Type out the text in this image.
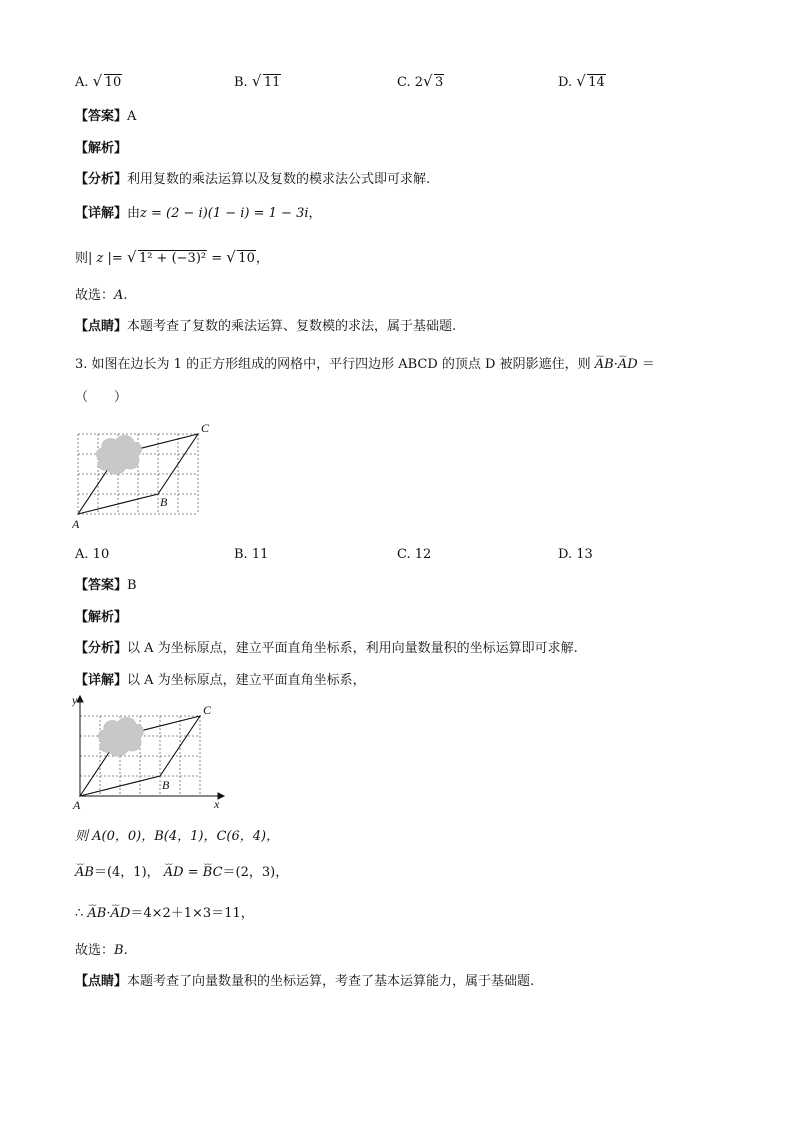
A. √ 10	B. √ 11	C. 2 √ 3	D. √ 14
【答案】A
【解析】
【分析】利用复数的乘法运算以及复数的模求法公式即可求解.
【详解】由z = (2 − i)(1 − i) = 1 − 3i，
则| z |= √ 1² + (−3)² = √ 10，
故选：A.
【点睛】本题考查了复数的乘法运算、复数模的求法，属于基础题.
3. 如图在边长为 1 的正方形组成的网格中，平行四边形 ABCD 的顶点 D 被阴影遮住，则 ⌣⌣ AB·⌣⌣ AD ＝
（　　）
A
B
C
A. 10	B. 11	C. 12	D. 13
【答案】B
【解析】
【分析】以 A 为坐标原点，建立平面直角坐标系，利用向量数量积的坐标运算即可求解.
【详解】以 A 为坐标原点，建立平面直角坐标系，
A
B
C
x
y
则 A(0，0)，B(4，1)，C(6，4)，
⌣⌣ AB＝(4，1)， ⌣⌣ AD = ⌣⌣ BC＝(2，3)，
∴ ⌣⌣ AB·⌣⌣ AD＝4×2＋1×3＝11，
故选：B.
【点睛】本题考查了向量数量积的坐标运算，考查了基本运算能力，属于基础题.
